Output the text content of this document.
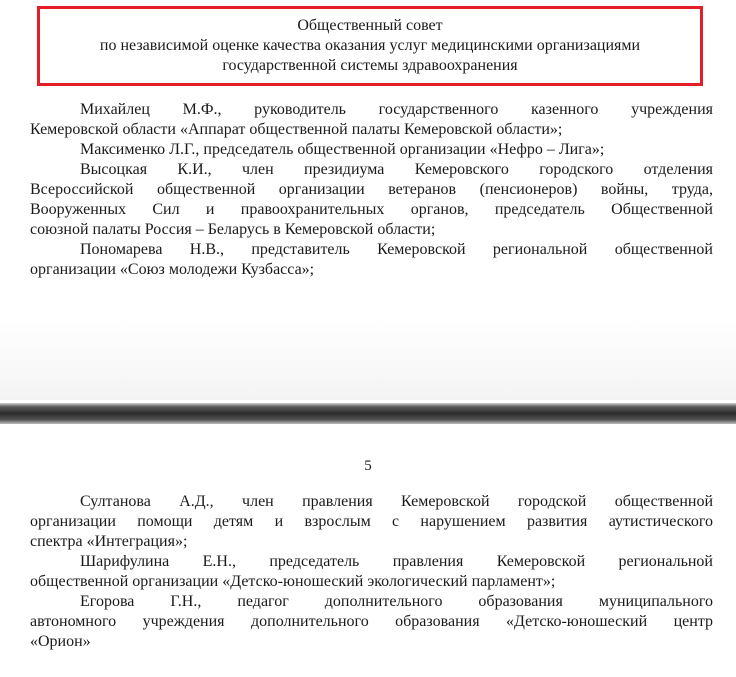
Общественный совет
по независимой оценке качества оказания услуг медицинскими организациями
государственной системы здравоохранения
Михайлец М.Ф., руководитель государственного казенного учреждения
Кемеровской области «Аппарат общественной палаты Кемеровской области»;
Максименко Л.Г., председатель общественной организации «Нефро – Лига»;
Высоцкая К.И., член президиума Кемеровского городского отделения
Всероссийской общественной организации ветеранов (пенсионеров) войны, труда,
Вооруженных Сил и правоохранительных органов, председатель Общественной
союзной палаты Россия – Беларусь в Кемеровской области;
Пономарева Н.В., представитель Кемеровской региональной общественной
организации «Союз молодежи Кузбасса»;
5
Султанова А.Д., член правления Кемеровской городской общественной
организации помощи детям и взрослым с нарушением развития аутистического
спектра «Интеграция»;
Шарифулина Е.Н., председатель правления Кемеровской региональной
общественной организации «Детско-юношеский экологический парламент»;
Егорова Г.Н., педагог дополнительного образования муниципального
автономного учреждения дополнительного образования «Детско-юношеский центр
«Орион»
